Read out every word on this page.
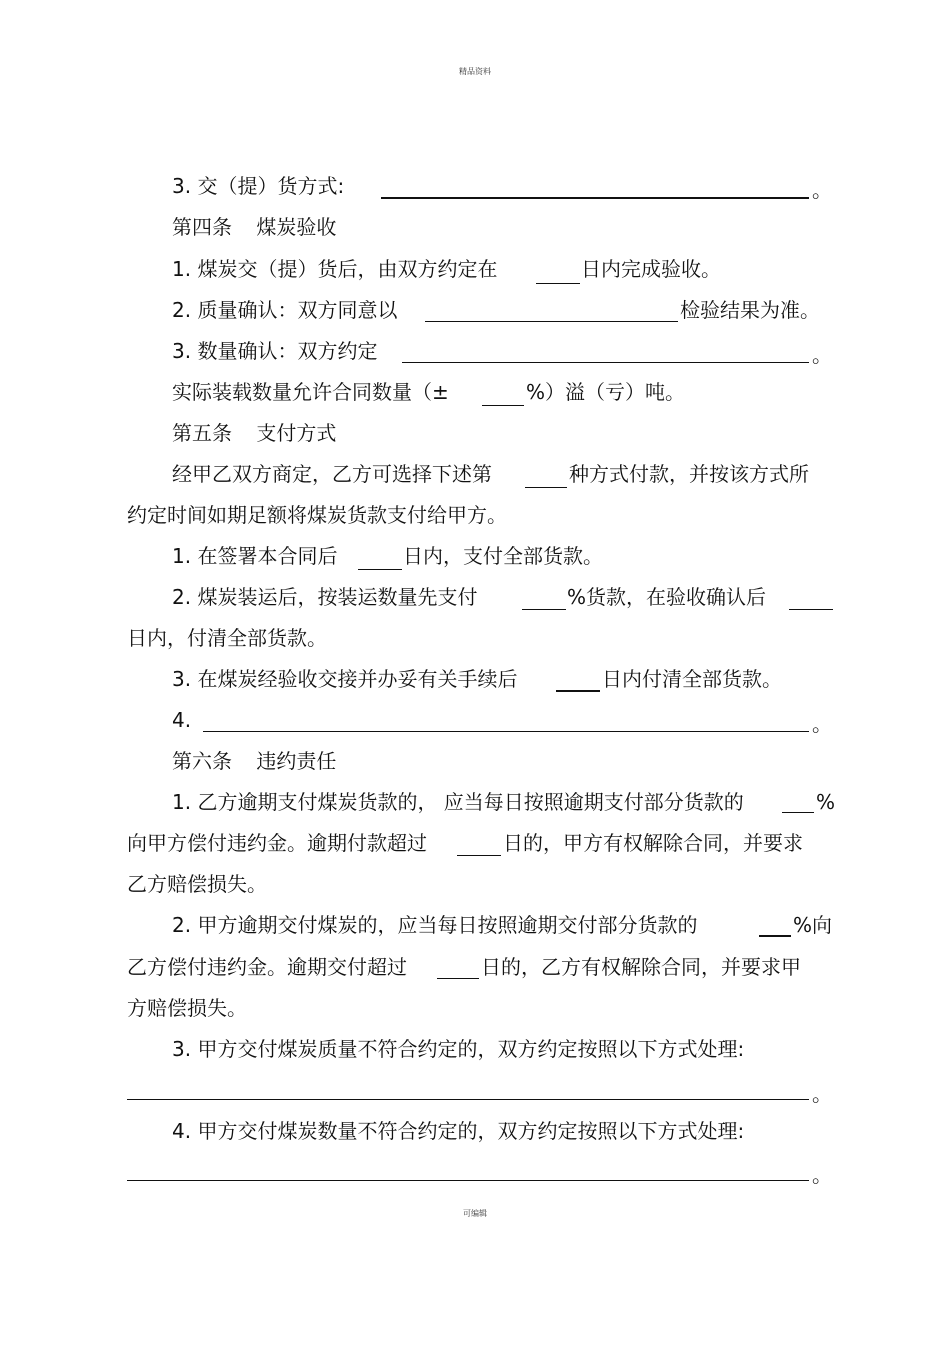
精品资料
3. 交（提）货方式:	。
第四条 煤炭验收
1. 煤炭交（提）货后，由双方约定在	日内完成验收。
2. 质量确认：双方同意以	检验结果为准。
3. 数量确认：双方约定	。
实际装载数量允许合同数量（±	%）溢（亏）吨。
第五条 支付方式
经甲乙双方商定，乙方可选择下述第	种方式付款，并按该方式所
约定时间如期足额将煤炭货款支付给甲方。
1. 在签署本合同后	日内，支付全部货款。
2. 煤炭装运后，按装运数量先支付	%货款，在验收确认后
日内，付清全部货款。
3. 在煤炭经验收交接并办妥有关手续后	日内付清全部货款。
4.	。
第六条 违约责任
1. 乙方逾期支付煤炭货款的， 应当每日按照逾期支付部分货款的	%
向甲方偿付违约金。逾期付款超过	日的，甲方有权解除合同，并要求
乙方赔偿损失。
2. 甲方逾期交付煤炭的，应当每日按照逾期交付部分货款的	%向
乙方偿付违约金。逾期交付超过	日的，乙方有权解除合同，并要求甲
方赔偿损失。
3. 甲方交付煤炭质量不符合约定的，双方约定按照以下方式处理:
。
4. 甲方交付煤炭数量不符合约定的，双方约定按照以下方式处理:
。
可编辑
